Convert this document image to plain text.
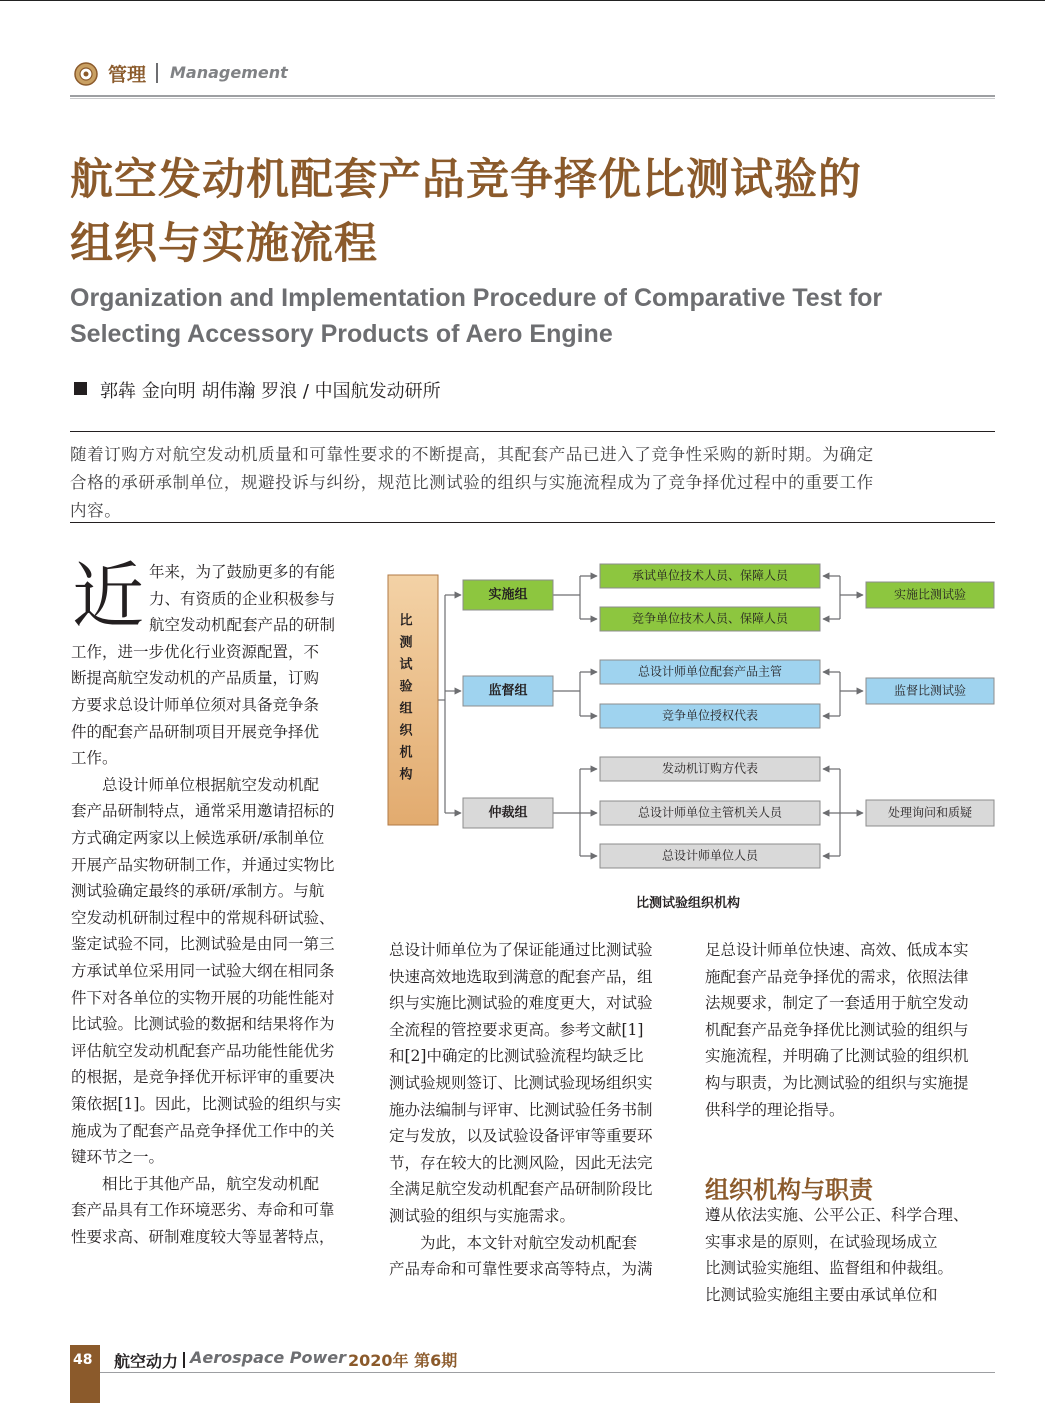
管理 Management
航空发动机配套产品竞争择优比测试验的
组织与实施流程
Organization and Implementation Procedure of Comparative Test for
Selecting Accessory Products of Aero Engine
郭犇 金向明 胡伟瀚 罗浪 / 中国航发动研所
随着订购方对航空发动机质量和可靠性要求的不断提高，其配套产品已进入了竞争性采购的新时期。为确定
合格的承研承制单位，规避投诉与纠纷，规范比测试验的组织与实施流程成为了竞争择优过程中的重要工作
内容。
近 年来，为了鼓励更多的有能
力、有资质的企业积极参与
航空发动机配套产品的研制
工作，进一步优化行业资源配置，不
断提高航空发动机的产品质量，订购
方要求总设计师单位须对具备竞争条
件的配套产品研制项目开展竞争择优
工作。
　　总设计师单位根据航空发动机配
套产品研制特点，通常采用邀请招标的
方式确定两家以上候选承研/承制单位
开展产品实物研制工作，并通过实物比
测试验确定最终的承研/承制方。与航
空发动机研制过程中的常规科研试验、
鉴定试验不同，比测试验是由同一第三
方承试单位采用同一试验大纲在相同条
件下对各单位的实物开展的功能性能对
比试验。比测试验的数据和结果将作为
评估航空发动机配套产品功能性能优劣
的根据，是竞争择优开标评审的重要决
策依据[1]。因此，比测试验的组织与实
施成为了配套产品竞争择优工作中的关
键环节之一。
　　相比于其他产品，航空发动机配
套产品具有工作环境恶劣、寿命和可靠
性要求高、研制难度较大等显著特点，
总设计师单位为了保证能通过比测试验
快速高效地选取到满意的配套产品，组
织与实施比测试验的难度更大，对试验
全流程的管控要求更高。参考文献[1]
和[2]中确定的比测试验流程均缺乏比
测试验规则签订、比测试验现场组织实
施办法编制与评审、比测试验任务书制
定与发放，以及试验设备评审等重要环
节，存在较大的比测风险，因此无法完
全满足航空发动机配套产品研制阶段比
测试验的组织与实施需求。
　　为此，本文针对航空发动机配套
产品寿命和可靠性要求高等特点，为满
足总设计师单位快速、高效、低成本实
施配套产品竞争择优的需求，依照法律
法规要求，制定了一套适用于航空发动
机配套产品竞争择优比测试验的组织与
实施流程，并明确了比测试验的组织机
构与职责，为比测试验的组织与实施提
供科学的理论指导。
遵从依法实施、公平公正、科学合理、
实事求是的原则，在试验现场成立
比测试验实施组、监督组和仲裁组。
比测试验实施组主要由承试单位和
组织机构与职责
比
测
试
验
组
织
机
构
实施组
承试单位技术人员、保障人员
竞争单位技术人员、保障人员
实施比测试验
监督组
总设计师单位配套产品主管
竞争单位授权代表
监督比测试验
仲裁组
发动机订购方代表
总设计师单位主管机关人员
总设计师单位人员
处理询问和质疑
比测试验组织机构
48 航空动力 Aerospace Power 2020年 第6期
